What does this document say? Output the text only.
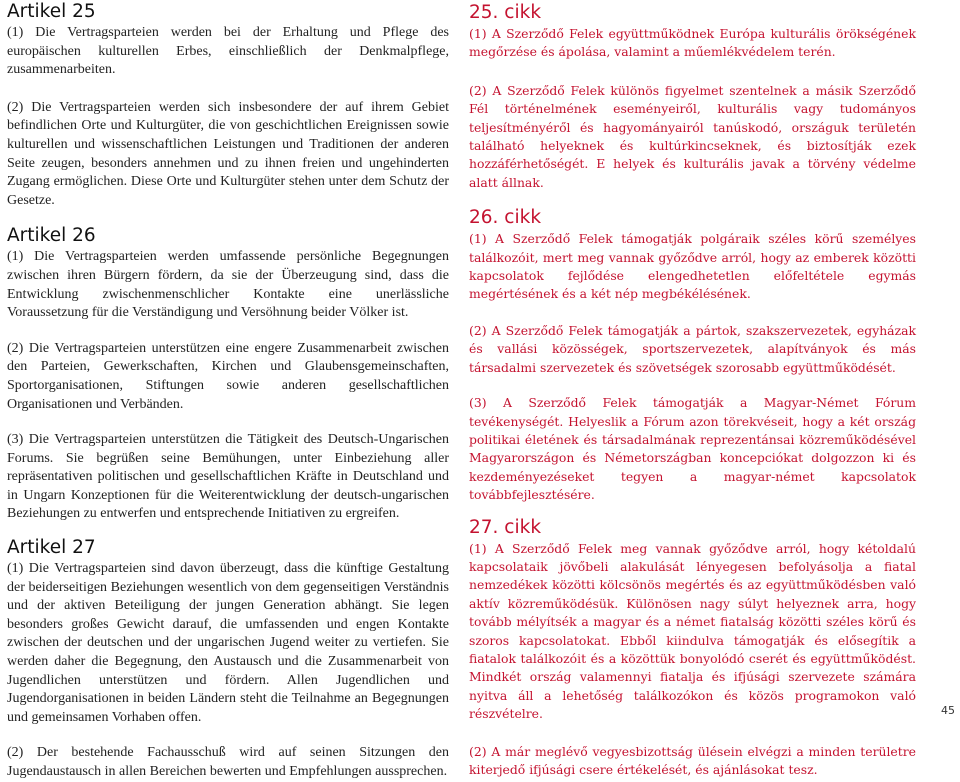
Artikel 25

(1) Die Vertragsparteien werden bei der Erhaltung und Pflege des europäischen kulturellen Erbes, einschließlich der Denkmalpflege, zusammenarbeiten.

(2) Die Vertragsparteien werden sich insbesondere der auf ihrem Gebiet befindlichen Orte und Kulturgüter, die von geschichtlichen Ereignissen sowie kulturellen und wissenschaftlichen Leistungen und Traditionen der anderen Seite zeugen, besonders annehmen und zu ihnen freien und ungehinderten Zugang ermöglichen. Diese Orte und Kulturgüter stehen unter dem Schutz der Gesetze.

Artikel 26

(1) Die Vertragsparteien werden umfassende persönliche Begegnungen zwischen ihren Bürgern fördern, da sie der Überzeugung sind, dass die Entwicklung zwischenmenschlicher Kontakte eine unerlässliche Voraussetzung für die Verständigung und Versöhnung beider Völker ist.

(2) Die Vertragsparteien unterstützen eine engere Zusammenarbeit zwischen den Parteien, Gewerkschaften, Kirchen und Glaubensgemeinschaften, Sportorganisationen, Stiftungen sowie anderen gesellschaftlichen Organisationen und Verbänden.

(3) Die Vertragsparteien unterstützen die Tätigkeit des Deutsch-Ungarischen Forums. Sie begrüßen seine Bemühungen, unter Einbeziehung aller repräsentativen politischen und gesellschaftlichen Kräfte in Deutschland und in Ungarn Konzeptionen für die Weiterentwicklung der deutsch-ungarischen Beziehungen zu entwerfen und entsprechende Initiativen zu ergreifen.

Artikel 27

(1) Die Vertragsparteien sind davon überzeugt, dass die künftige Gestaltung der beiderseitigen Beziehungen wesentlich von dem gegenseitigen Verständnis und der aktiven Beteiligung der jungen Generation abhängt. Sie legen besonders großes Gewicht darauf, die umfassenden und engen Kontakte zwischen der deutschen und der ungarischen Jugend weiter zu vertiefen. Sie werden daher die Begegnung, den Austausch und die Zusammenarbeit von Jugendlichen unterstützen und fördern. Allen Jugendlichen und Jugendorganisationen in beiden Ländern steht die Teilnahme an Begegnungen und gemeinsamen Vorhaben offen.

(2) Der bestehende Fachausschuß wird auf seinen Sitzungen den Jugendaustausch in allen Bereichen bewerten und Empfehlungen aussprechen.

25. cikk

(1) A Szerződő Felek együttműködnek Európa kulturális örökségének megőrzése és ápolása, valamint a műemlékvédelem terén.

(2) A Szerződő Felek különös figyelmet szentelnek a másik Szerződő Fél történelmének eseményeiről, kulturális vagy tudományos teljesítményéről és hagyományairól tanúskodó, országuk területén található helyeknek és kultúrkincseknek, és biztosítják ezek hozzáférhetőségét. E helyek és kulturális javak a törvény védelme alatt állnak.

26. cikk

(1) A Szerződő Felek támogatják polgáraik széles körű személyes találkozóit, mert meg vannak győződve arról, hogy az emberek közötti kapcsolatok fejlődése elengedhetetlen előfeltétele egymás megértésének és a két nép megbékélésének.

(2) A Szerződő Felek támogatják a pártok, szakszervezetek, egyházak és vallási közösségek, sportszervezetek, alapítványok és más társadalmi szervezetek és szövetségek szorosabb együttműködését.

(3) A Szerződő Felek támogatják a Magyar-Német Fórum tevékenységét. Helyeslik a Fórum azon törekvéseit, hogy a két ország politikai életének és társadalmának reprezentánsai közreműködésével Magyarországon és Németországban koncepciókat dolgozzon ki és kezdeményezéseket tegyen a magyar-német kapcsolatok továbbfejlesztésére.

27. cikk

(1) A Szerződő Felek meg vannak győződve arról, hogy kétoldalú kapcsolataik jövőbeli alakulását lényegesen befolyásolja a fiatal nemzedékek közötti kölcsönös megértés és az együttműködésben való aktív közreműködésük. Különösen nagy súlyt helyeznek arra, hogy tovább mélyítsék a magyar és a német fiatalság közötti széles körű és szoros kapcsolatokat. Ebből kiindulva támogatják és elősegítik a fiatalok találkozóit és a közöttük bonyolódó cserét és együttműködést. Mindkét ország valamennyi fiatalja és ifjúsági szervezete számára nyitva áll a lehetőség találkozókon és közös programokon való részvételre.

(2) A már meglévő vegyesbizottság ülésein elvégzi a minden területre kiterjedő ifjúsági csere értékelését, és ajánlásokat tesz.

45
